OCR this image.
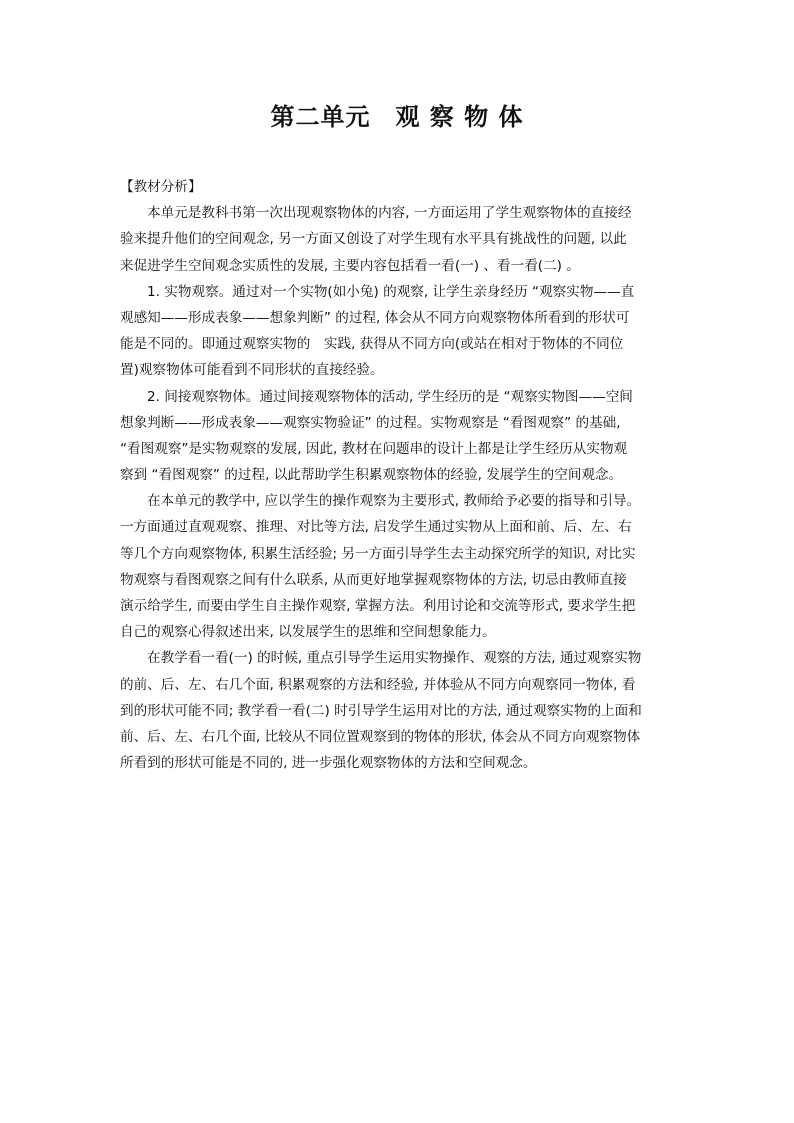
第二单元　观 察 物 体

【教材分析】

本单元是教科书第一次出现观察物体的内容, 一方面运用了学生观察物体的直接经
验来提升他们的空间观念, 另一方面又创设了对学生现有水平具有挑战性的问题, 以此
来促进学生空间观念实质性的发展, 主要内容包括看一看(一) 、看一看(二) 。
1. 实物观察。通过对一个实物(如小兔) 的观察, 让学生亲身经历 “观察实物——直
观感知——形成表象——想象判断” 的过程, 体会从不同方向观察物体所看到的形状可
能是不同的。即通过观察实物的　实践, 获得从不同方向(或站在相对于物体的不同位
置)观察物体可能看到不同形状的直接经验。
2. 间接观察物体。通过间接观察物体的活动, 学生经历的是 “观察实物图——空间
想象判断——形成表象——观察实物验证” 的过程。实物观察是 “看图观察” 的基础,
“看图观察”是实物观察的发展, 因此, 教材在问题串的设计上都是让学生经历从实物观
察到 “看图观察” 的过程, 以此帮助学生积累观察物体的经验, 发展学生的空间观念。
在本单元的教学中, 应以学生的操作观察为主要形式, 教师给予必要的指导和引导。
一方面通过直观观察、推理、对比等方法, 启发学生通过实物从上面和前、后、左、右
等几个方向观察物体, 积累生活经验; 另一方面引导学生去主动探究所学的知识, 对比实
物观察与看图观察之间有什么联系, 从而更好地掌握观察物体的方法, 切忌由教师直接
演示给学生, 而要由学生自主操作观察, 掌握方法。利用讨论和交流等形式, 要求学生把
自己的观察心得叙述出来, 以发展学生的思维和空间想象能力。
在教学看一看(一) 的时候, 重点引导学生运用实物操作、观察的方法, 通过观察实物
的前、后、左、右几个面, 积累观察的方法和经验, 并体验从不同方向观察同一物体, 看
到的形状可能不同; 教学看一看(二) 时引导学生运用对比的方法, 通过观察实物的上面和
前、后、左、右几个面, 比较从不同位置观察到的物体的形状, 体会从不同方向观察物体
所看到的形状可能是不同的, 进一步强化观察物体的方法和空间观念。
